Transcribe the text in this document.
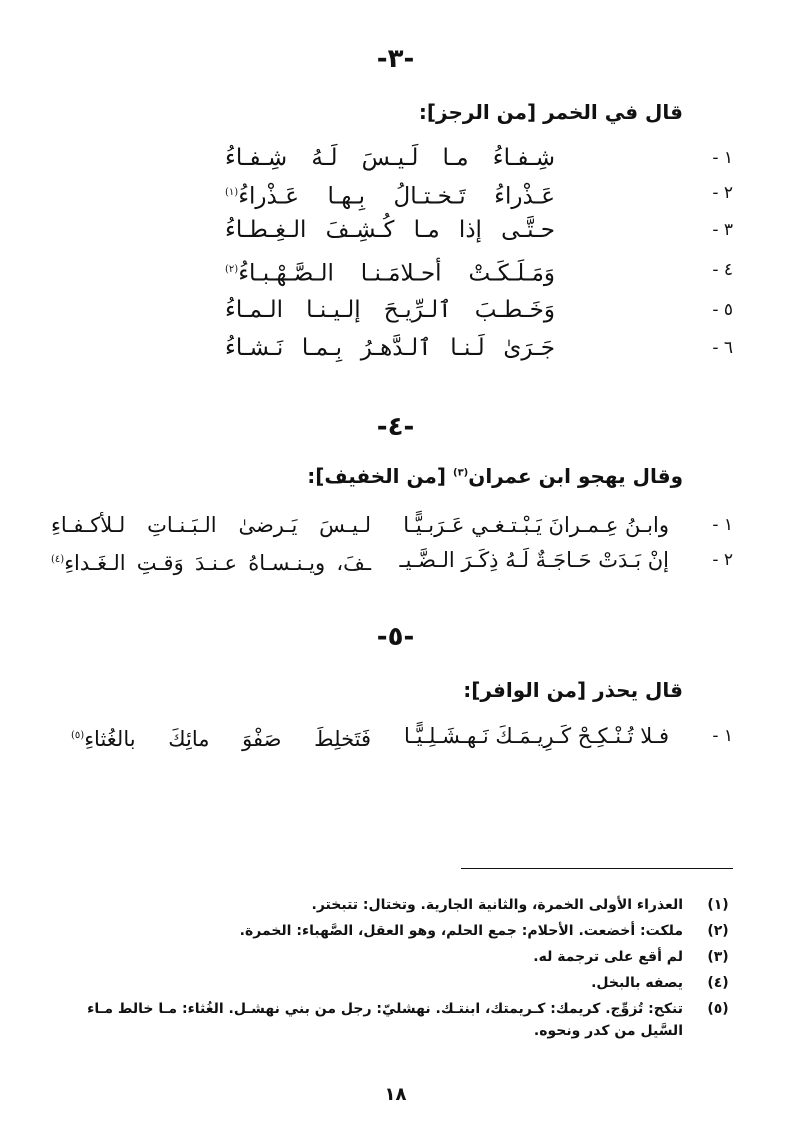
-٣-
قال في الخمر [من الرجز]:
١ -
شِـفـاءُ مـا لَـيـسَ لَـهُ شِـفـاءُ
٢ -
عَـذْراءُ تَـخـتـالُ بِـهـا عَـذْراءُ$^{(١)}$
٣ -
حـتَّـى إذا مـا كُـشِـفَ الـغِـطـاءُ
٤ -
وَمَـلَـكَـتْ أحـلامَـنـا الـصَّـهْـبـاءُ$^{(٢)}$
٥ -
وَخَـطـبَ ٱلـرِّيـحَ إلـيـنـا الـمـاءُ
٦ -
جَـرَىٰ لَـنـا ٱلـدَّهـرُ بِـمـا نَـشـاءُ
-٤-
وقال يهجو ابن عمران$^{(٣)}$ [من الخفيف]:
١ -
وابـنُ عِـمـرانَ يَـبْـتـغـي عَـرَبـيًّـا
لـيـسَ يَـرضىٰ الـبَـنـاتِ لـلأكـفـاءِ
٢ -
إنْ بَـدَتْ حَـاجَـةٌ لَـهُ ذِكَـرَ الـضَّـيـ
ـفَ، ويـنـسـاهُ عـنـدَ وَقـتِ الـغَـداءِ$^{(٤)}$
-٥-
قال يحذر [من الوافر]:
١ -
فـلا تُـنْـكِـحْ كَـرِيـمَـكَ نَـهـشَـلِـيًّـا
فَتَخلِطَ صَفْوَ مائِكَ بالغُثاءِ$^{(٥)}$
(١)
العذراء الأولى الخمرة، والثانية الجارية. وتختال: تتبختر.
(٢)
ملكت: أخضعت. الأحلام: جمع الحلم، وهو العقل، الصَّهباء: الخمرة.
(٣)
لم أقع على ترجمة له.
(٤)
يصفه بالبخل.
(٥)
تنكح: تُزوِّج. كريمك: كـريمتك، ابنتـك. نهشليّ: رجل من بني نهشـل. الغُثاء: مـا خالط مـاء السَّيل من كدر ونحوه.
١٨
